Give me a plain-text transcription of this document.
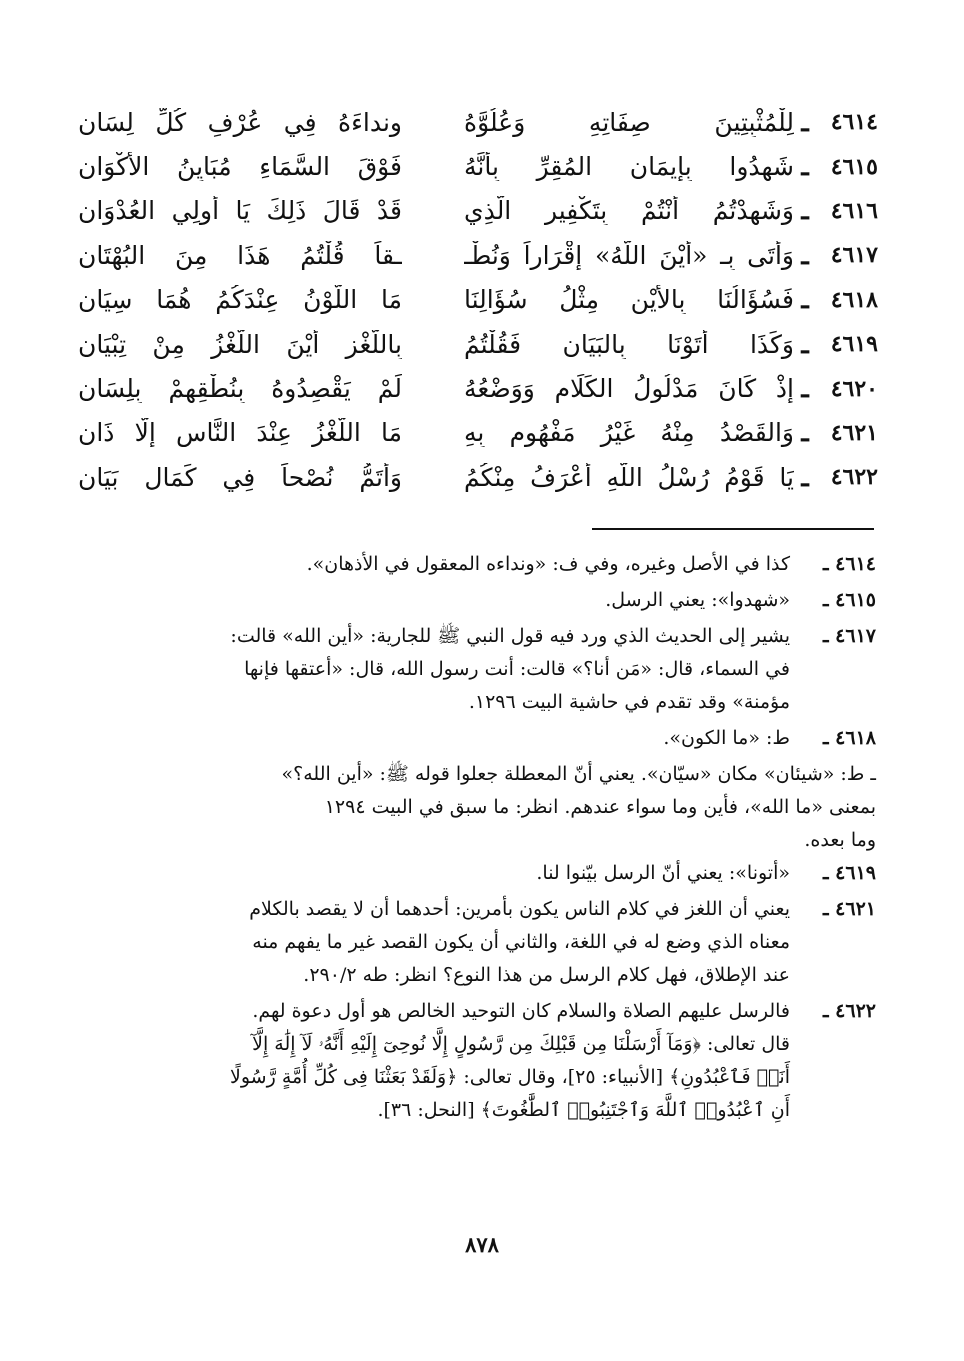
٤٦١٤
ـ
لِلْمُثْبِتِينَ صِفَاتِهِ وَعُلُوَّهُ
ونداءَهُ فِي عُرْفِ كُلِّ لِسَانِ
٤٦١٥
ـ
شَهِدُوا بِإِيمَانِ المُقِرِّ بِأَنَّهُ
فَوْقَ السَّمَاءِ مُبَايِنُ الأَكْوَانِ
٤٦١٦
ـ
وَشَهِدْتُمُ أَنْتُمْ بِتَكْفِيرِ الَّذِي
قَدْ قَالَ ذَلِكَ يَا أُولِي العُدْوَانِ
٤٦١٧
ـ
وَأَتَى بِـ «أَيْنَ اللَّهُ» إِقْرَاراً وَنُطْـ
ـقاً قُلْتُمُ هَذَا مِنَ البُهْتَانِ
٤٦١٨
ـ
فَسُؤَالُنَا بِالأَيْنِ مِثْلُ سُؤَالِنَا
مَا اللَّوْنُ عِنْدَكُمُ هُمَا سِيَانِ
٤٦١٩
ـ
وَكَذَا أَتَوْنَا بِالبَيَانِ فَقُلْتُمُ
بِاللُّغْزِ أَيْنَ اللُّغْزُ مِنْ تِبْيَانِ
٤٦٢٠
ـ
إِذْ كَانَ مَدْلُولُ الكَلَامِ وَوَضْعُهُ
لَمْ يَقْصِدُوهُ بِنُطْقِهِمْ بِلِسَانِ
٤٦٢١
ـ
وَالقَصْدُ مِنْهُ غَيْرُ مَفْهُومٍ بِهِ
مَا اللُّغْزُ عِنْدَ النَّاسِ إِلَّا ذَانِ
٤٦٢٢
ـ
يَا قَوْمُ رُسْلُ اللَّهِ أَعْرَفُ مِنْكُمُ
وَأَتَمُّ نُصْحاً فِي كَمَالِ بَيَانِ
٤٦١٤ ـ
كذا في الأصل وغيره، وفي ف: «ونداءه المعقول في الأذهان».
٤٦١٥ ـ
«شهدوا»: يعني الرسل.
٤٦١٧ ـ
يشير إلى الحديث الذي ورد فيه قول النبي ﷺ للجارية: «أين الله» قالت:
في السماء، قال: «مَن أنا؟» قالت: أنت رسول الله، قال: «أعتقها فإنها
مؤمنة» وقد تقدم في حاشية البيت ١٢٩٦.
٤٦١٨ ـ
ط: «ما الكون».
ـ ط: «شيئان» مكان «سيّان». يعني أنّ المعطلة جعلوا قوله ﷺ: «أين الله؟»
بمعنى «ما الله»، فأين وما سواء عندهم. انظر: ما سبق في البيت ١٢٩٤
وما بعده.
٤٦١٩ ـ
«أتونا»: يعني أنّ الرسل بيّنوا لنا.
٤٦٢١ ـ
يعني أن اللغز في كلام الناس يكون بأمرين: أحدهما أن لا يقصد بالكلام
معناه الذي وضع له في اللغة، والثاني أن يكون القصد غير ما يفهم منه
عند الإطلاق، فهل كلام الرسل من هذا النوع؟ انظر: طه ٢٩٠/٢.
٤٦٢٢ ـ
فالرسل عليهم الصلاة والسلام كان التوحيد الخالص هو أول دعوة لهم.
قال تعالى: ﴿وَمَآ أَرْسَلْنَا مِن قَبْلِكَ مِن رَّسُولٍ إِلَّا نُوحِىٓ إِلَيْهِ أَنَّهُۥ لَآ إِلَٰهَ إِلَّآ
أَنَا۠ فَٱعْبُدُونِ﴾ [الأنبياء: ٢٥]، وقال تعالى: ﴿وَلَقَدْ بَعَثْنَا فِى كُلِّ أُمَّةٍ رَّسُولًا
أَنِ ٱعْبُدُوا۟ ٱللَّهَ وَٱجْتَنِبُوا۟ ٱلطَّٰغُوتَ﴾ [النحل: ٣٦].
٨٧٨
